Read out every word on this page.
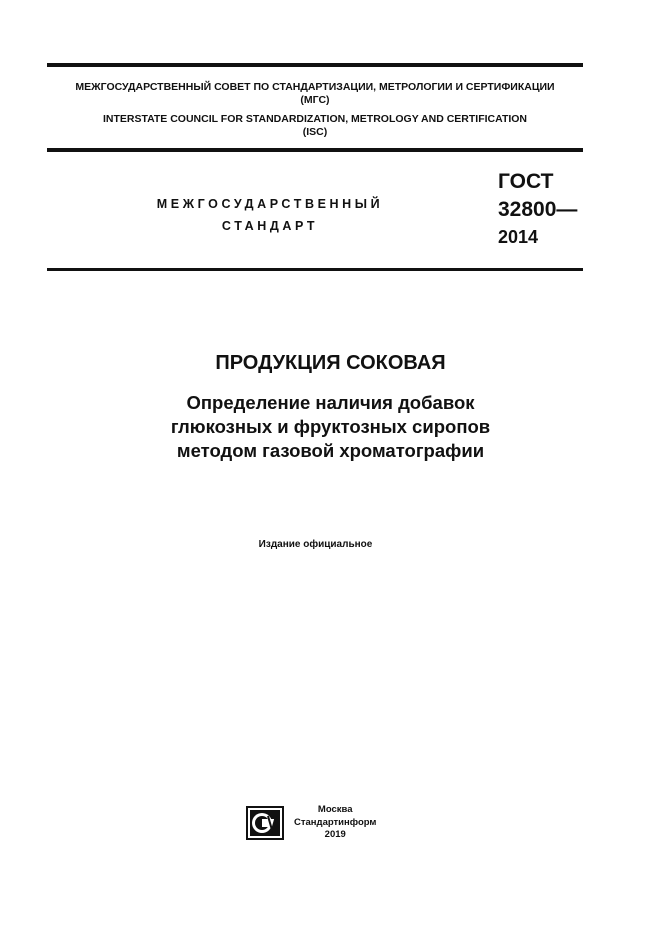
МЕЖГОСУДАРСТВЕННЫЙ СОВЕТ ПО СТАНДАРТИЗАЦИИ, МЕТРОЛОГИИ И СЕРТИФИКАЦИИ
(МГС)
INTERSTATE COUNCIL FOR STANDARDIZATION, METROLOGY AND CERTIFICATION
(ISC)
МЕЖГОСУДАРСТВЕННЫЙ
СТАНДАРТ
ГОСТ
32800—
2014
ПРОДУКЦИЯ СОКОВАЯ
Определение наличия добавок
глюкозных и фруктозных сиропов
методом газовой хроматографии
Издание официальное
Москва
Стандартинформ
2019
